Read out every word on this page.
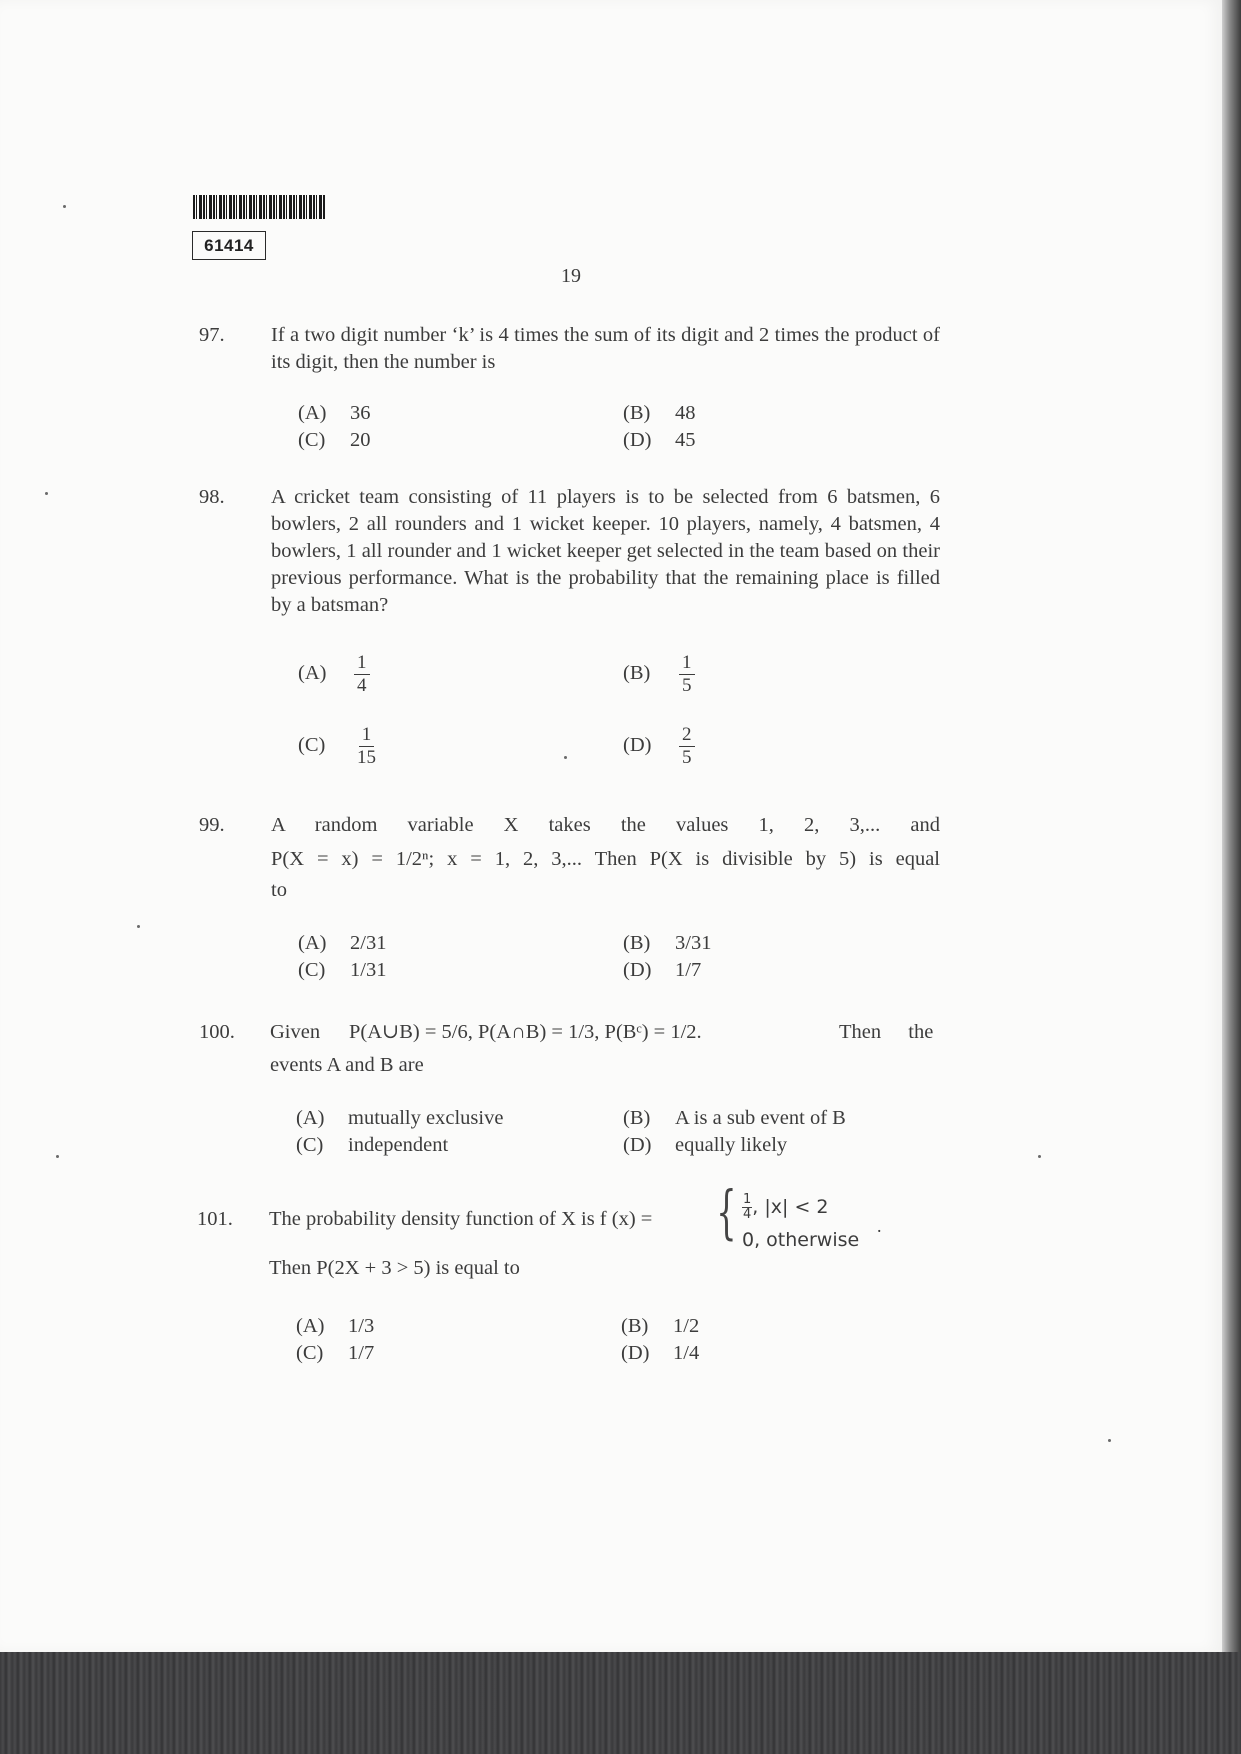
61414
19
97. If a two digit number ‘k’ is 4 times the sum of its digit and 2 times the product of its digit, then the number is
(A) 36	(B) 48
(C) 20	(D) 45
98. A cricket team consisting of 11 players is to be selected from 6 batsmen, 6 bowlers, 2 all rounders and 1 wicket keeper. 10 players, namely, 4 batsmen, 4 bowlers, 1 all rounder and 1 wicket keeper get selected in the team based on their previous performance. What is the probability that the remaining place is filled by a batsman?
$(A) \frac{1}{4}$	$(B) \frac{1}{5}$
$(C) \frac{1}{15}$	$(D) \frac{2}{5}$
99. A random variable X takes the values 1, 2, 3,... and
P(X = x) = 1/2ⁿ; x = 1, 2, 3,... Then P(X is divisible by 5) is equal
to
(A) 2/31	(B) 3/31
(C) 1/31	(D) 1/7
100. Given P(A∪B) = 5/6, P(A∩B) = 1/3, P(Bᶜ) = 1/2.	Then the
events A and B are
(A) mutually exclusive	(B) A is a sub event of B
(C) independent	(D) equally likely
101. The probability density function of X is f (x) = { $\frac{1}{4}$ , |x| < 2
0, otherwise
.
Then P(2X + 3 > 5) is equal to
(A) 1/3	(B) 1/2
(C) 1/7	(D) 1/4
